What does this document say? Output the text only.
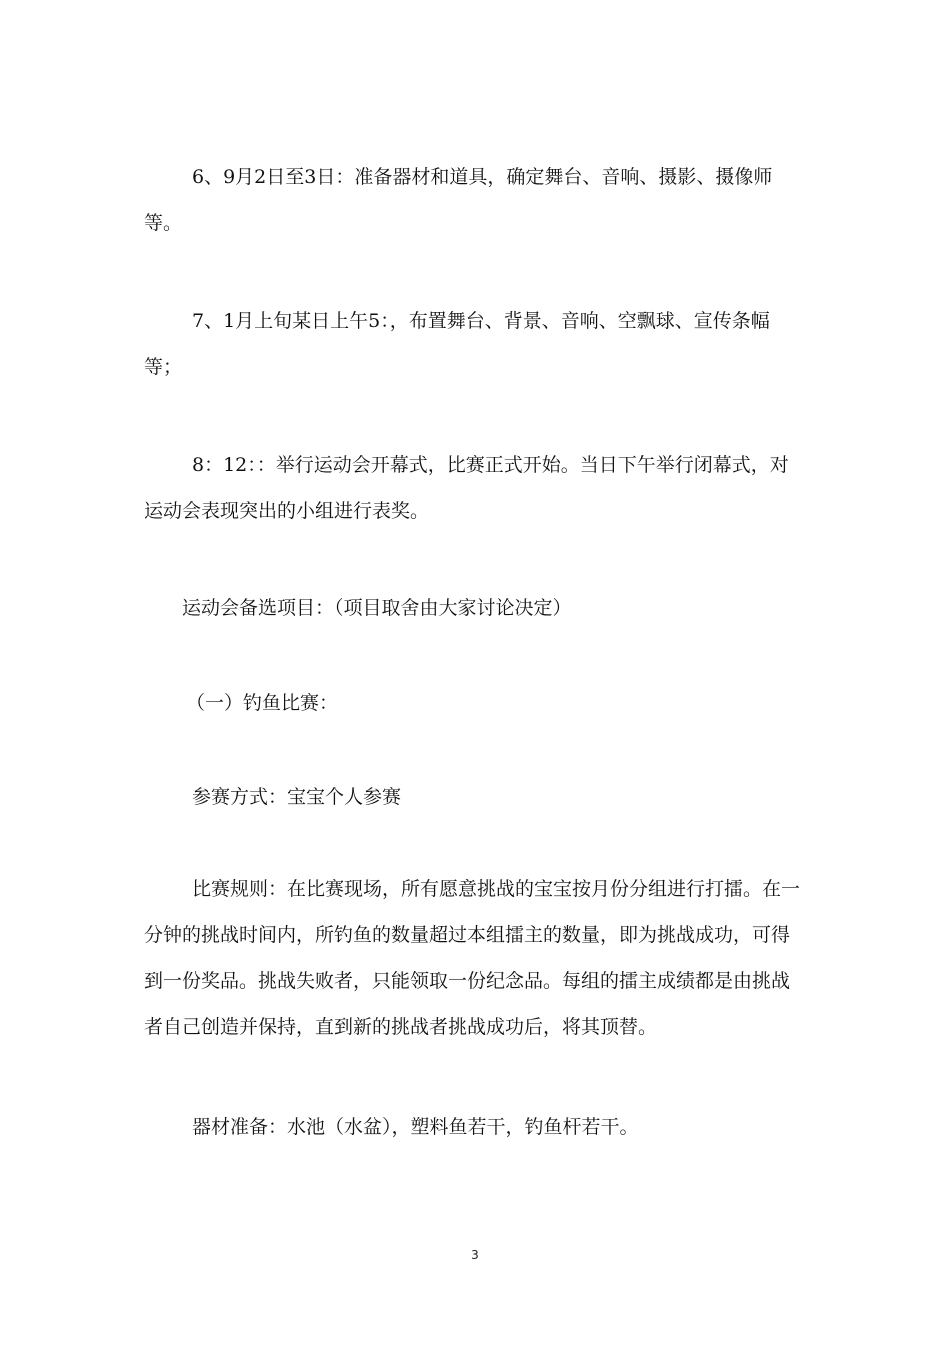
6、9月2日至3日：准备器材和道具，确定舞台、音响、摄影、摄像师等。

7、1月上旬某日上午5：，布置舞台、背景、音响、空飘球、宣传条幅等；

8：12：：举行运动会开幕式，比赛正式开始。当日下午举行闭幕式，对运动会表现突出的小组进行表奖。

运动会备选项目：（项目取舍由大家讨论决定）

（一）钓鱼比赛：

参赛方式：宝宝个人参赛

比赛规则：在比赛现场，所有愿意挑战的宝宝按月份分组进行打擂。在一分钟的挑战时间内，所钓鱼的数量超过本组擂主的数量，即为挑战成功，可得到一份奖品。挑战失败者，只能领取一份纪念品。每组的擂主成绩都是由挑战者自己创造并保持，直到新的挑战者挑战成功后，将其顶替。

器材准备：水池（水盆），塑料鱼若干，钓鱼杆若干。

3
